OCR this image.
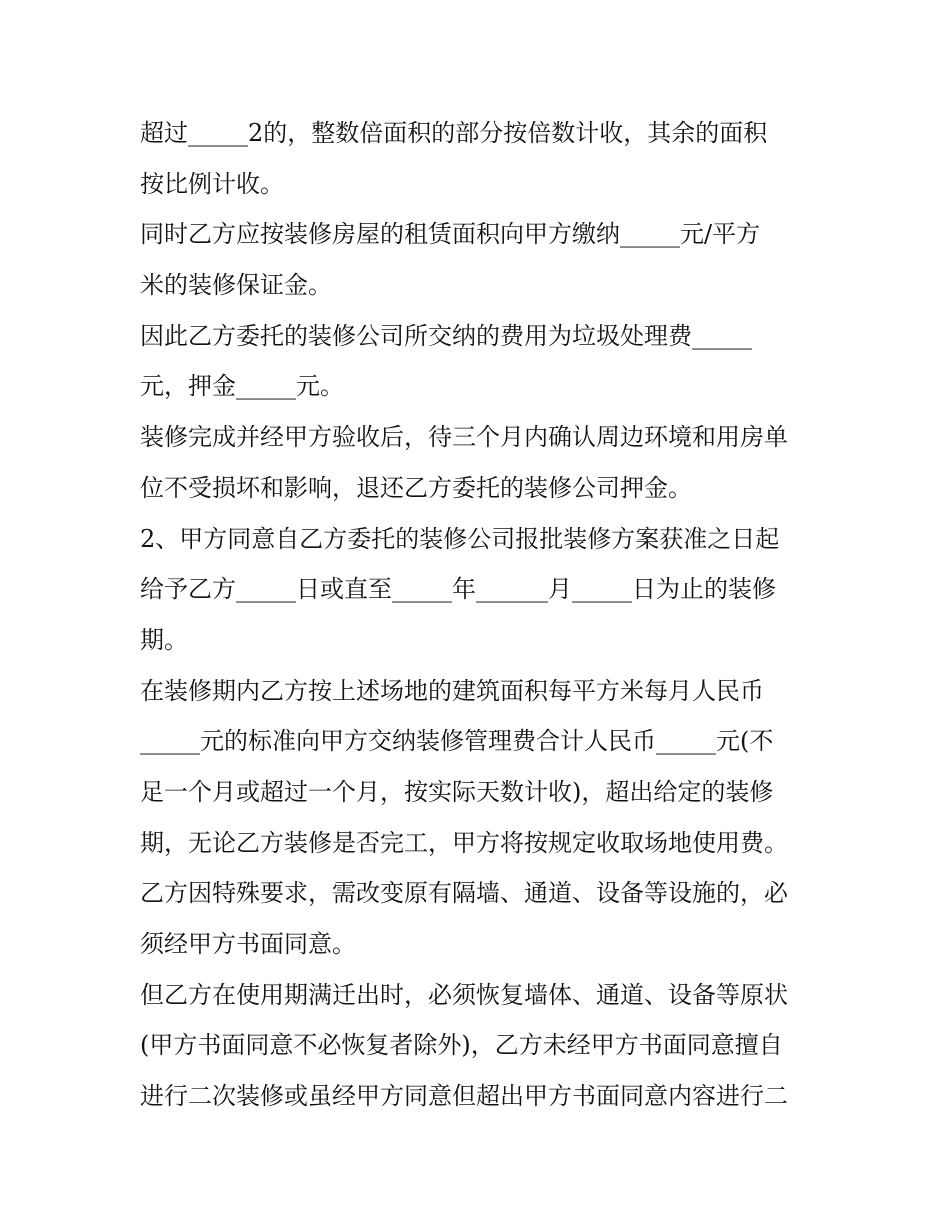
超过_____2的，整数倍面积的部分按倍数计收，其余的面积
按比例计收。
同时乙方应按装修房屋的租赁面积向甲方缴纳_____元/平方
米的装修保证金。
因此乙方委托的装修公司所交纳的费用为垃圾处理费_____
元，押金_____元。
装修完成并经甲方验收后，待三个月内确认周边环境和用房单
位不受损坏和影响，退还乙方委托的装修公司押金。
2、甲方同意自乙方委托的装修公司报批装修方案获准之日起
给予乙方_____日或直至_____年______月_____日为止的装修
期。
在装修期内乙方按上述场地的建筑面积每平方米每月人民币
_____元的标准向甲方交纳装修管理费合计人民币_____元(不
足一个月或超过一个月，按实际天数计收)，超出给定的装修
期，无论乙方装修是否完工，甲方将按规定收取场地使用费。
乙方因特殊要求，需改变原有隔墙、通道、设备等设施的，必
须经甲方书面同意。
但乙方在使用期满迁出时，必须恢复墙体、通道、设备等原状
(甲方书面同意不必恢复者除外)，乙方未经甲方书面同意擅自
进行二次装修或虽经甲方同意但超出甲方书面同意内容进行二
